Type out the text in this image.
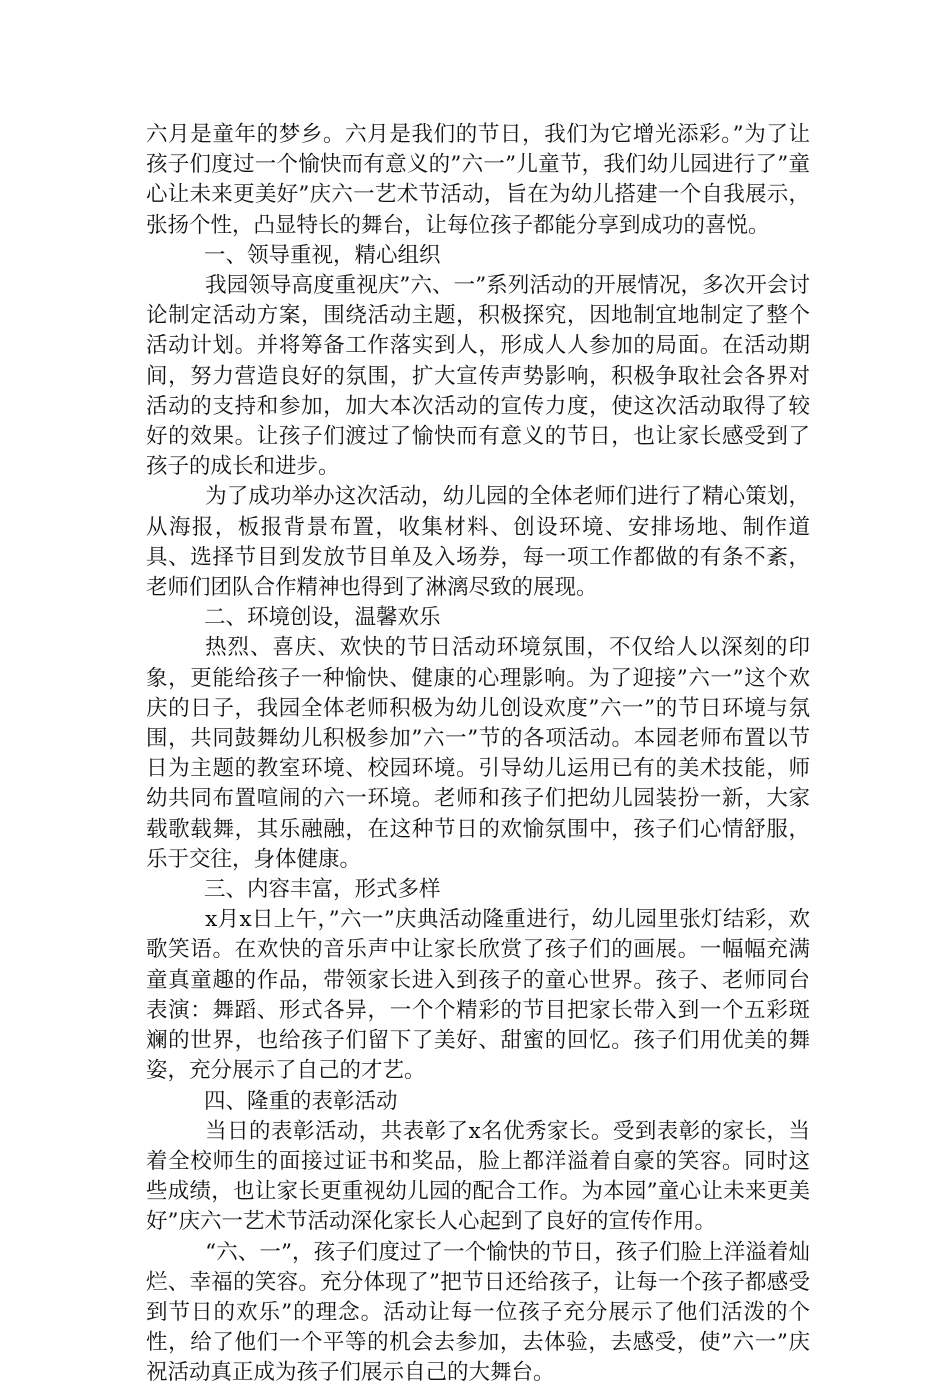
六月是童年的梦乡。六月是我们的节日，我们为它增光添彩。”为了让孩子们度过一个愉快而有意义的”六一”儿童节，我们幼儿园进行了”童心让未来更美好”庆六一艺术节活动，旨在为幼儿搭建一个自我展示，张扬个性，凸显特长的舞台，让每位孩子都能分享到成功的喜悦。

一、领导重视，精心组织

我园领导高度重视庆”六、一”系列活动的开展情况，多次开会讨论制定活动方案，围绕活动主题，积极探究，因地制宜地制定了整个活动计划。并将筹备工作落实到人，形成人人参加的局面。在活动期间，努力营造良好的氛围，扩大宣传声势影响，积极争取社会各界对活动的支持和参加，加大本次活动的宣传力度，使这次活动取得了较好的效果。让孩子们渡过了愉快而有意义的节日，也让家长感受到了孩子的成长和进步。

为了成功举办这次活动，幼儿园的全体老师们进行了精心策划，从海报，板报背景布置，收集材料、创设环境、安排场地、制作道具、选择节目到发放节目单及入场券，每一项工作都做的有条不紊，老师们团队合作精神也得到了淋漓尽致的展现。

二、环境创设，温馨欢乐

热烈、喜庆、欢快的节日活动环境氛围，不仅给人以深刻的印象，更能给孩子一种愉快、健康的心理影响。为了迎接”六一”这个欢庆的日子，我园全体老师积极为幼儿创设欢度”六一”的节日环境与氛围，共同鼓舞幼儿积极参加”六一”节的各项活动。本园老师布置以节日为主题的教室环境、校园环境。引导幼儿运用已有的美术技能，师幼共同布置喧闹的六一环境。老师和孩子们把幼儿园装扮一新，大家载歌载舞，其乐融融，在这种节日的欢愉氛围中，孩子们心情舒服，乐于交往，身体健康。

三、内容丰富，形式多样

x月x日上午，”六一”庆典活动隆重进行，幼儿园里张灯结彩，欢歌笑语。在欢快的音乐声中让家长欣赏了孩子们的画展。一幅幅充满童真童趣的作品，带领家长进入到孩子的童心世界。孩子、老师同台表演：舞蹈、形式各异，一个个精彩的节目把家长带入到一个五彩斑斓的世界，也给孩子们留下了美好、甜蜜的回忆。孩子们用优美的舞姿，充分展示了自己的才艺。

四、隆重的表彰活动

当日的表彰活动，共表彰了x名优秀家长。受到表彰的家长，当着全校师生的面接过证书和奖品，脸上都洋溢着自豪的笑容。同时这些成绩，也让家长更重视幼儿园的配合工作。为本园”童心让未来更美好”庆六一艺术节活动深化家长人心起到了良好的宣传作用。

“六、一”，孩子们度过了一个愉快的节日，孩子们脸上洋溢着灿烂、幸福的笑容。充分体现了”把节日还给孩子，让每一个孩子都感受到节日的欢乐”的理念。活动让每一位孩子充分展示了他们活泼的个性，给了他们一个平等的机会去参加，去体验，去感受，使”六一”庆祝活动真正成为孩子们展示自己的大舞台。
